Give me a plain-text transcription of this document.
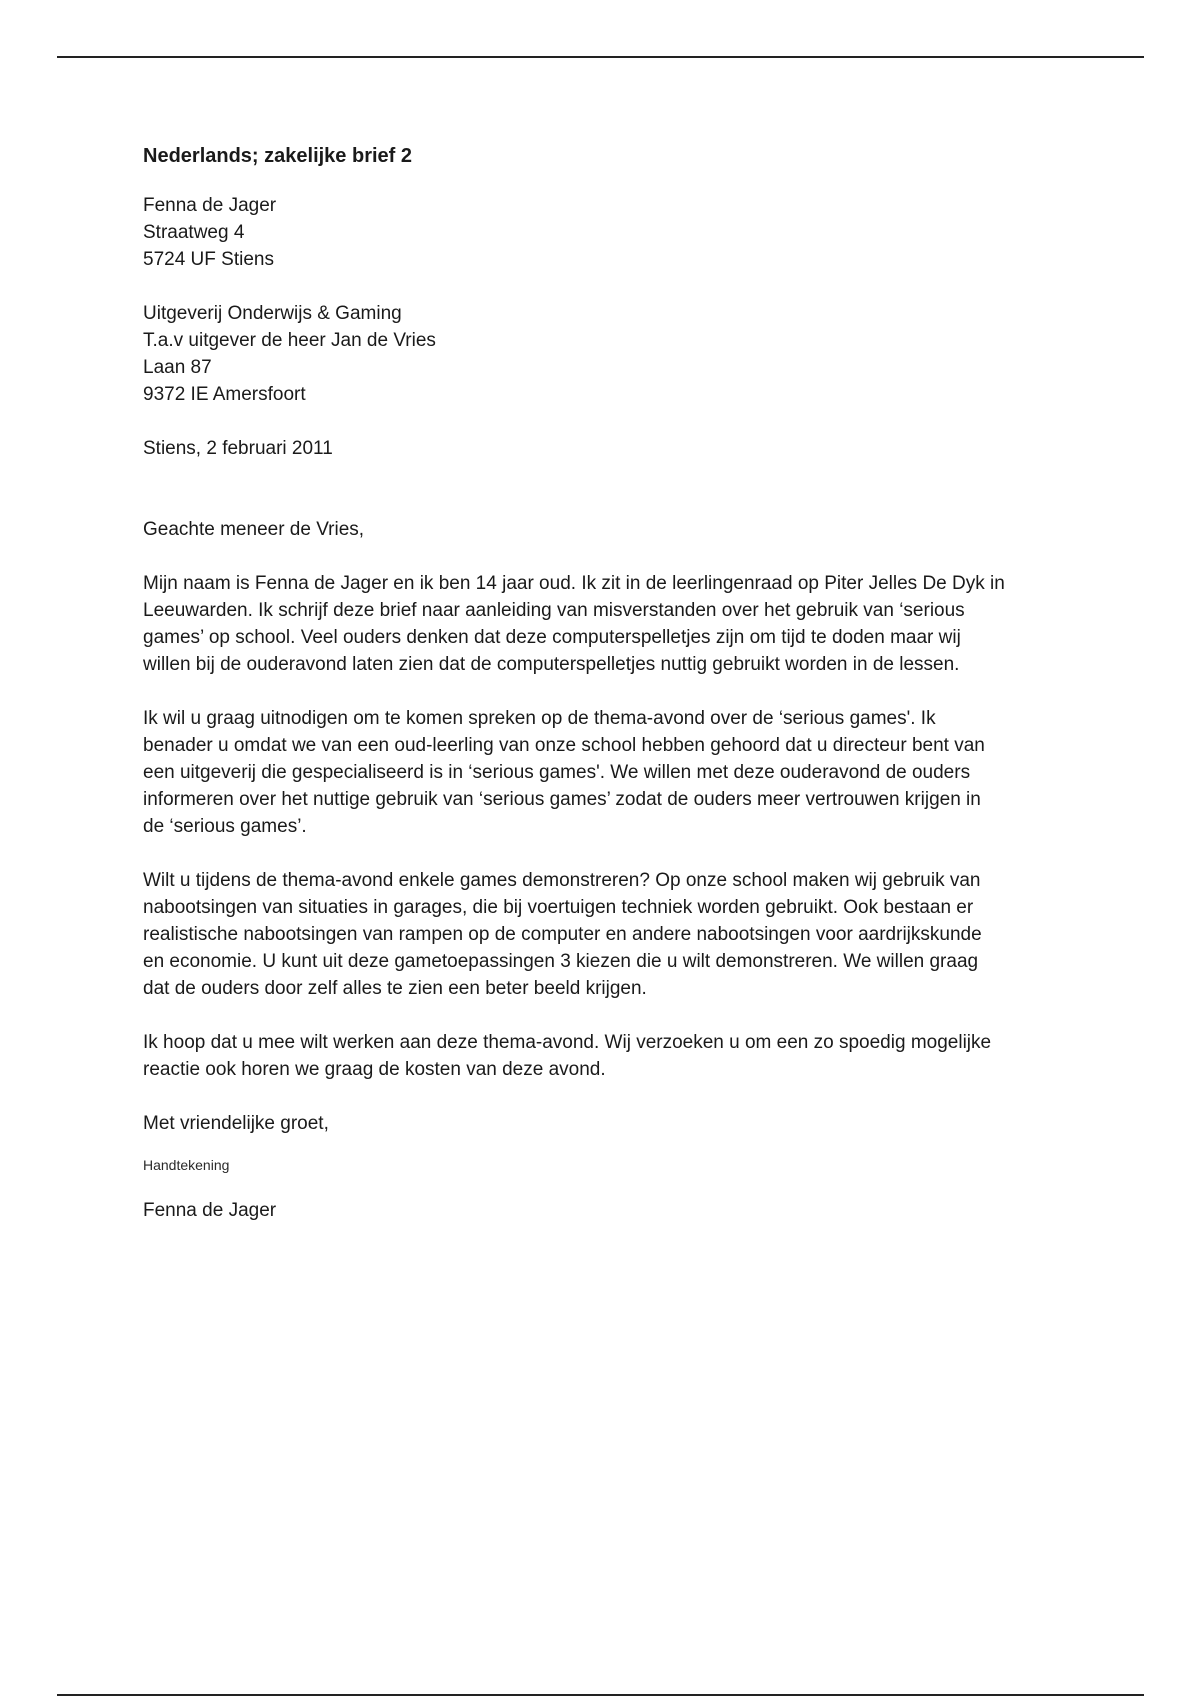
Nederlands; zakelijke brief 2
Fenna de Jager
Straatweg 4
5724 UF Stiens
Uitgeverij Onderwijs & Gaming
T.a.v uitgever de heer Jan de Vries
Laan 87
9372 IE Amersfoort
Stiens, 2 februari 2011
Geachte meneer de Vries,
Mijn naam is Fenna de Jager en ik ben 14 jaar oud. Ik zit in de leerlingenraad op Piter Jelles De Dyk in
Leeuwarden. Ik schrijf deze brief naar aanleiding van misverstanden over het gebruik van ‘serious
games’ op school. Veel ouders denken dat deze computerspelletjes zijn om tijd te doden maar wij
willen bij de ouderavond laten zien dat de computerspelletjes nuttig gebruikt worden in de lessen.
Ik wil u graag uitnodigen om te komen spreken op de thema-avond over de ‘serious games'. Ik
benader u omdat we van een oud-leerling van onze school hebben gehoord dat u directeur bent van
een uitgeverij die gespecialiseerd is in ‘serious games'. We willen met deze ouderavond de ouders
informeren over het nuttige gebruik van ‘serious games’ zodat de ouders meer vertrouwen krijgen in
de ‘serious games’.
Wilt u tijdens de thema-avond enkele games demonstreren? Op onze school maken wij gebruik van
nabootsingen van situaties in garages, die bij voertuigen techniek worden gebruikt. Ook bestaan er
realistische nabootsingen van rampen op de computer en andere nabootsingen voor aardrijkskunde
en economie. U kunt uit deze gametoepassingen 3 kiezen die u wilt demonstreren. We willen graag
dat de ouders door zelf alles te zien een beter beeld krijgen.
Ik hoop dat u mee wilt werken aan deze thema-avond. Wij verzoeken u om een zo spoedig mogelijke
reactie ook horen we graag de kosten van deze avond.
Met vriendelijke groet,
Handtekening
Fenna de Jager
